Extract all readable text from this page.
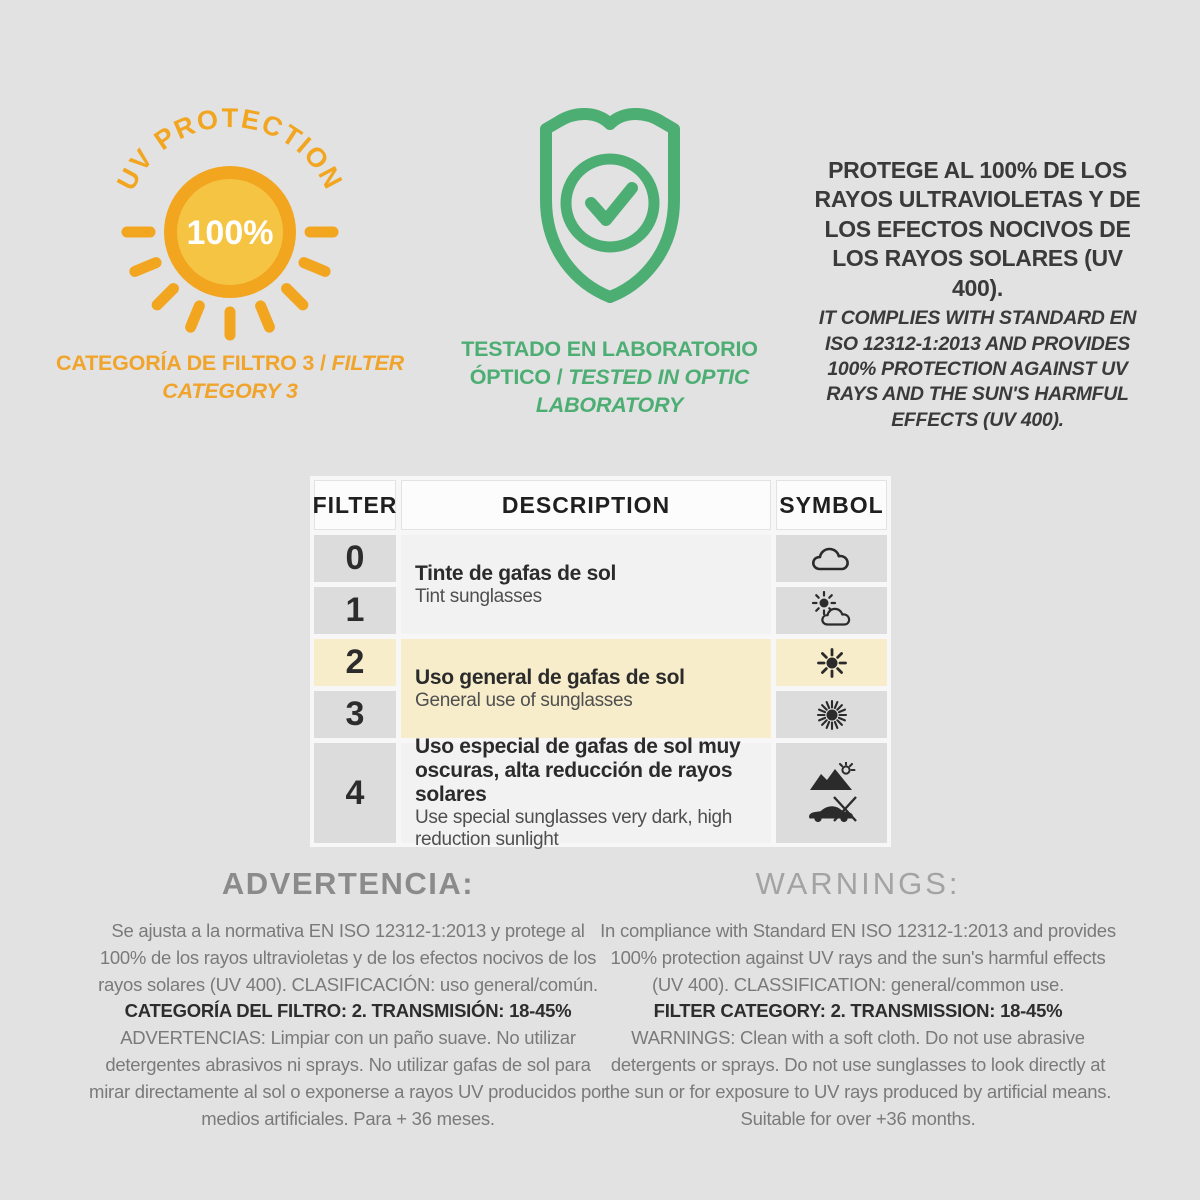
UV PROTECTION
100%
CATEGORÍA DE FILTRO 3 / FILTER CATEGORY 3
TESTADO EN LABORATORIO ÓPTICO / TESTED IN OPTIC LABORATORY
PROTEGE AL 100% DE LOS RAYOS ULTRAVIOLETAS Y DE LOS EFECTOS NOCIVOS DE LOS RAYOS SOLARES (UV 400).
IT COMPLIES WITH STANDARD EN ISO 12312-1:2013 AND PROVIDES 100% PROTECTION AGAINST UV RAYS AND THE SUN'S HARMFUL EFFECTS (UV 400).
FILTER	DESCRIPTION	SYMBOL
0
1
2
3
4
Tinte de gafas de sol
Tint sunglasses
Uso general de gafas de sol
General use of sunglasses
Uso especial de gafas de sol muy oscuras, alta reducción de rayos solares
Use special sunglasses very dark, high reduction sunlight
ADVERTENCIA:

Se ajusta a la normativa EN ISO 12312-1:2013 y protege al 100% de los rayos ultravioletas y de los efectos nocivos de los rayos solares (UV 400). CLASIFICACIÓN: uso general/común.

CATEGORÍA DEL FILTRO: 2. TRANSMISIÓN: 18-45%

ADVERTENCIAS: Limpiar con un paño suave. No utilizar detergentes abrasivos ni sprays. No utilizar gafas de sol para mirar directamente al sol o exponerse a rayos UV producidos por medios artificiales. Para + 36 meses.

WARNINGS:

In compliance with Standard EN ISO 12312-1:2013 and provides 100% protection against UV rays and the sun's harmful effects (UV 400). CLASSIFICATION: general/common use.

FILTER CATEGORY: 2. TRANSMISSION: 18-45%

WARNINGS: Clean with a soft cloth. Do not use abrasive detergents or sprays. Do not use sunglasses to look directly at the sun or for exposure to UV rays produced by artificial means. Suitable for over +36 months.
